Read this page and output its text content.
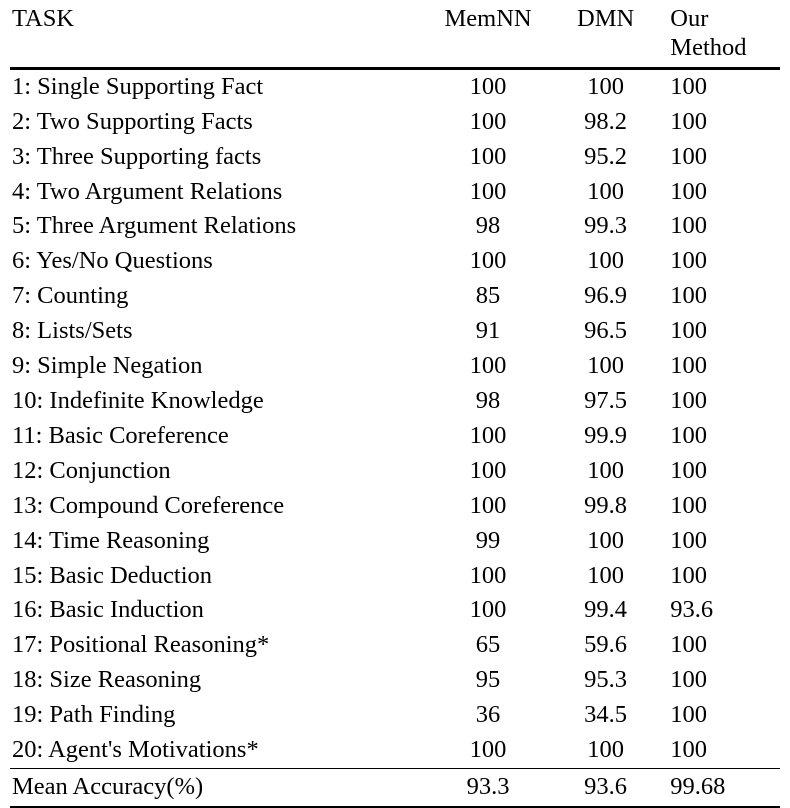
TASK	MemNN	DMN	Our
Method

1: Single Supporting Fact	100	100	100
2: Two Supporting Facts	100	98.2	100
3: Three Supporting facts	100	95.2	100
4: Two Argument Relations	100	100	100
5: Three Argument Relations	98	99.3	100
6: Yes/No Questions	100	100	100
7: Counting	85	96.9	100
8: Lists/Sets	91	96.5	100
9: Simple Negation	100	100	100
10: Indefinite Knowledge	98	97.5	100
11: Basic Coreference	100	99.9	100
12: Conjunction	100	100	100
13: Compound Coreference	100	99.8	100
14: Time Reasoning	99	100	100
15: Basic Deduction	100	100	100
16: Basic Induction	100	99.4	93.6
17: Positional Reasoning*	65	59.6	100
18: Size Reasoning	95	95.3	100
19: Path Finding	36	34.5	100
20: Agent's Motivations*	100	100	100

Mean Accuracy(%)	93.3	93.6	99.68
